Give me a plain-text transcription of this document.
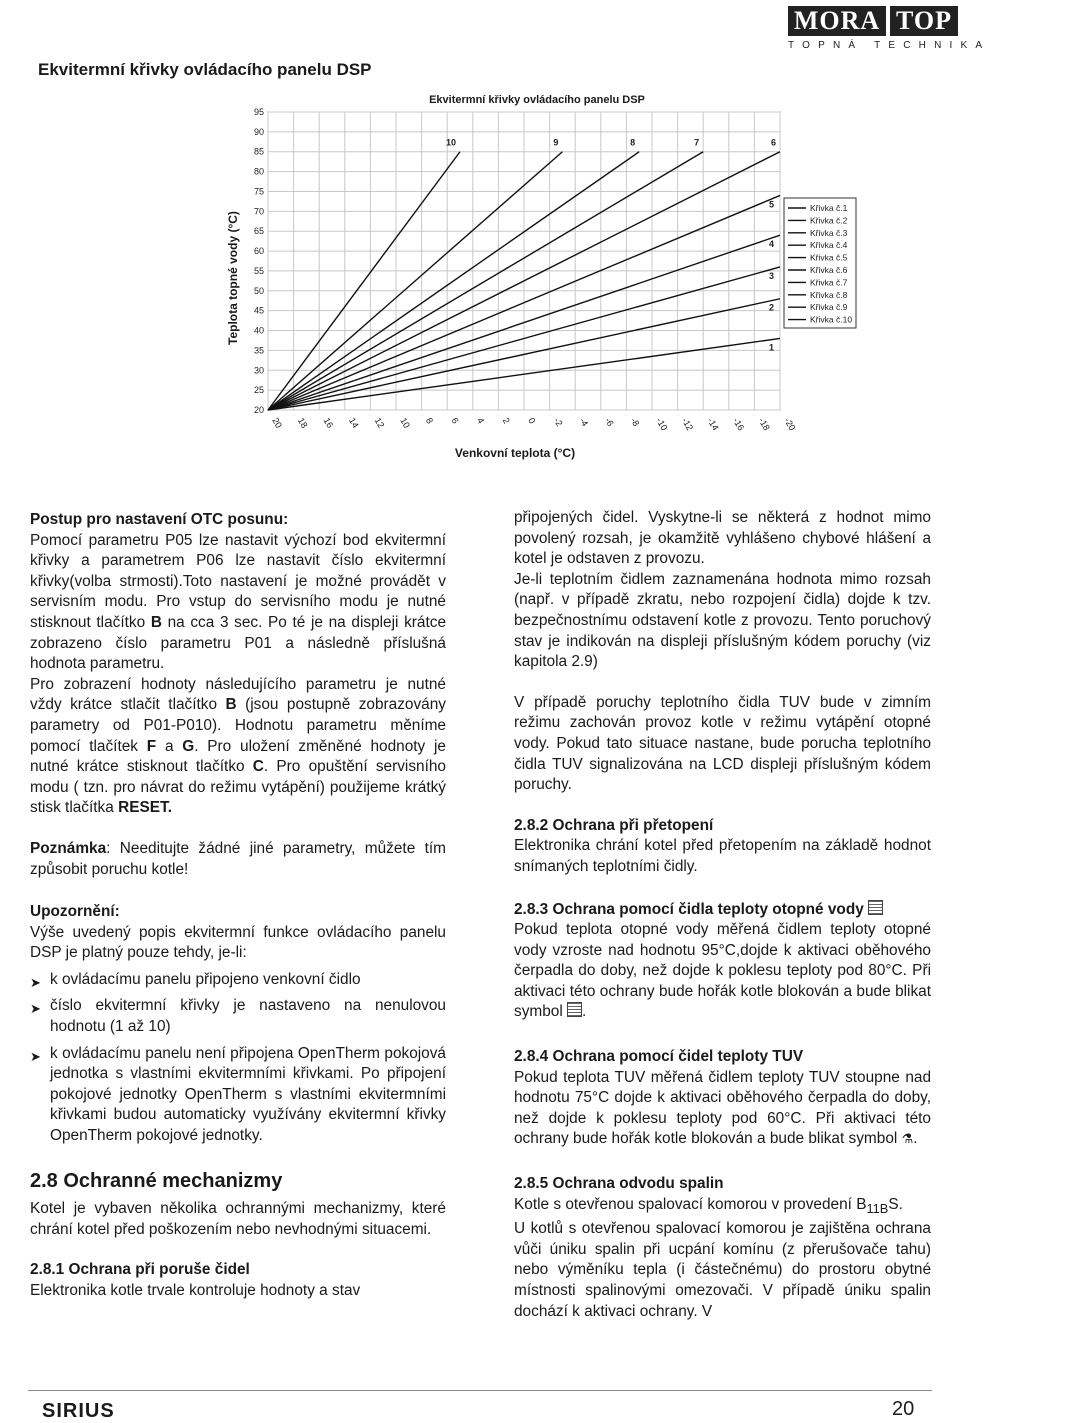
MORA TOP
TOPNÁ TECHNIKA
Ekvitermní křivky ovládacího panelu DSP
Ekvitermní křivky ovládacího panelu DSP
Teplota topné vody (°C)
20 18 16 14 12 10 8 6 4 2 0 -2 -4 -6 -8 -10 -12 -14 -16 -18 -20
20
25
30
35
40
45
50
55
60
65
70
75
80
85
90
95
1
2
3
4
5
6
7
8
9
10
Křivka č.1
Křivka č.2
Křivka č.3
Křivka č.4
Křivka č.5
Křivka č.6
Křivka č.7
Křivka č.8
Křivka č.9
Křivka č.10
Venkovní teplota (°C)

Postup pro nastavení OTC posunu:

Pomocí parametru P05 lze nastavit výchozí bod ekvitermní křivky a parametrem P06 lze nastavit číslo ekvitermní křivky(volba strmosti).Toto nastavení je možné provádět v servisním modu. Pro vstup do servisního modu je nutné stisknout tlačítko B na cca 3 sec. Po té je na displeji krátce zobrazeno číslo parametru P01 a následně příslušná hodnota parametru.

Pro zobrazení hodnoty následujícího parametru je nutné vždy krátce stlačit tlačítko B (jsou postupně zobrazovány parametry od P01-P010). Hodnotu parametru měníme pomocí tlačítek F a G. Pro uložení změněné hodnoty je nutné krátce stisknout tlačítko C. Pro opuštění servisního modu ( tzn. pro návrat do režimu vytápění) použijeme krátký stisk tlačítka RESET.

Poznámka: Needitujte žádné jiné parametry, můžete tím způsobit poruchu kotle!

Upozornění:

Výše uvedený popis ekvitermní funkce ovládacího panelu DSP je platný pouze tehdy, je-li:

➤ k ovládacímu panelu připojeno venkovní čidlo
➤ číslo ekvitermní křivky je nastaveno na nenulovou hodnotu (1 až 10)
➤ k ovládacímu panelu není připojena OpenTherm pokojová jednotka s vlastními ekvitermními křivkami. Po připojení pokojové jednotky OpenTherm s vlastními ekvitermními křivkami budou automaticky využívány ekvitermní křivky OpenTherm pokojové jednotky.

2.8 Ochranné mechanizmy

Kotel je vybaven několika ochrannými mechanizmy, které chrání kotel před poškozením nebo nevhodnými situacemi.

2.8.1 Ochrana při poruše čidel

Elektronika kotle trvale kontroluje hodnoty a stav

připojených čidel. Vyskytne-li se některá z hodnot mimo povolený rozsah, je okamžitě vyhlášeno chybové hlášení a kotel je odstaven z provozu.

Je-li teplotním čidlem zaznamenána hodnota mimo rozsah (např. v případě zkratu, nebo rozpojení čidla) dojde k tzv. bezpečnostnímu odstavení kotle z provozu. Tento poruchový stav je indikován na displeji příslušným kódem poruchy (viz kapitola 2.9)

V případě poruchy teplotního čidla TUV bude v zimním režimu zachován provoz kotle v režimu vytápění otopné vody. Pokud tato situace nastane, bude porucha teplotního čidla TUV signalizována na LCD displeji příslušným kódem poruchy.

2.8.2 Ochrana při přetopení

Elektronika chrání kotel před přetopením na základě hodnot snímaných teplotními čidly.

2.8.3 Ochrana pomocí čidla teploty otopné vody

Pokud teplota otopné vody měřená čidlem teploty otopné vody vzroste nad hodnotu 95°C,dojde k aktivaci oběhového čerpadla do doby, než dojde k poklesu teploty pod 80°C. Při aktivaci této ochrany bude hořák kotle blokován a bude blikat symbol .

2.8.4 Ochrana pomocí čidel teploty TUV

Pokud teplota TUV měřená čidlem teploty TUV stoupne nad hodnotu 75°C dojde k aktivaci oběhového čerpadla do doby, než dojde k poklesu teploty pod 60°C. Při aktivaci této ochrany bude hořák kotle blokován a bude blikat symbol ⚗.

2.8.5 Ochrana odvodu spalin

Kotle s otevřenou spalovací komorou v provedení $B_{11B}S$.

U kotlů s otevřenou spalovací komorou je zajištěna ochrana vůči úniku spalin při ucpání komínu (z přerušovače tahu) nebo výměníku tepla (i částečnému) do prostoru obytné místnosti spalinovými omezovači. V případě úniku spalin dochází k aktivaci ochrany. V

SIRIUS	20
